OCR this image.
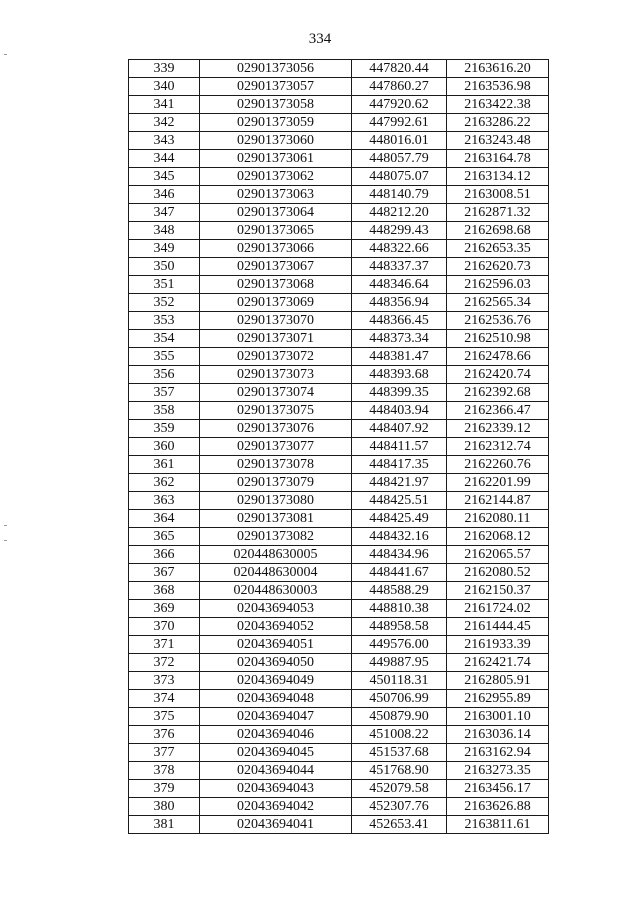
334
339	02901373056	447820.44	2163616.20
340	02901373057	447860.27	2163536.98
341	02901373058	447920.62	2163422.38
342	02901373059	447992.61	2163286.22
343	02901373060	448016.01	2163243.48
344	02901373061	448057.79	2163164.78
345	02901373062	448075.07	2163134.12
346	02901373063	448140.79	2163008.51
347	02901373064	448212.20	2162871.32
348	02901373065	448299.43	2162698.68
349	02901373066	448322.66	2162653.35
350	02901373067	448337.37	2162620.73
351	02901373068	448346.64	2162596.03
352	02901373069	448356.94	2162565.34
353	02901373070	448366.45	2162536.76
354	02901373071	448373.34	2162510.98
355	02901373072	448381.47	2162478.66
356	02901373073	448393.68	2162420.74
357	02901373074	448399.35	2162392.68
358	02901373075	448403.94	2162366.47
359	02901373076	448407.92	2162339.12
360	02901373077	448411.57	2162312.74
361	02901373078	448417.35	2162260.76
362	02901373079	448421.97	2162201.99
363	02901373080	448425.51	2162144.87
364	02901373081	448425.49	2162080.11
365	02901373082	448432.16	2162068.12
366	020448630005	448434.96	2162065.57
367	020448630004	448441.67	2162080.52
368	020448630003	448588.29	2162150.37
369	02043694053	448810.38	2161724.02
370	02043694052	448958.58	2161444.45
371	02043694051	449576.00	2161933.39
372	02043694050	449887.95	2162421.74
373	02043694049	450118.31	2162805.91
374	02043694048	450706.99	2162955.89
375	02043694047	450879.90	2163001.10
376	02043694046	451008.22	2163036.14
377	02043694045	451537.68	2163162.94
378	02043694044	451768.90	2163273.35
379	02043694043	452079.58	2163456.17
380	02043694042	452307.76	2163626.88
381	02043694041	452653.41	2163811.61
